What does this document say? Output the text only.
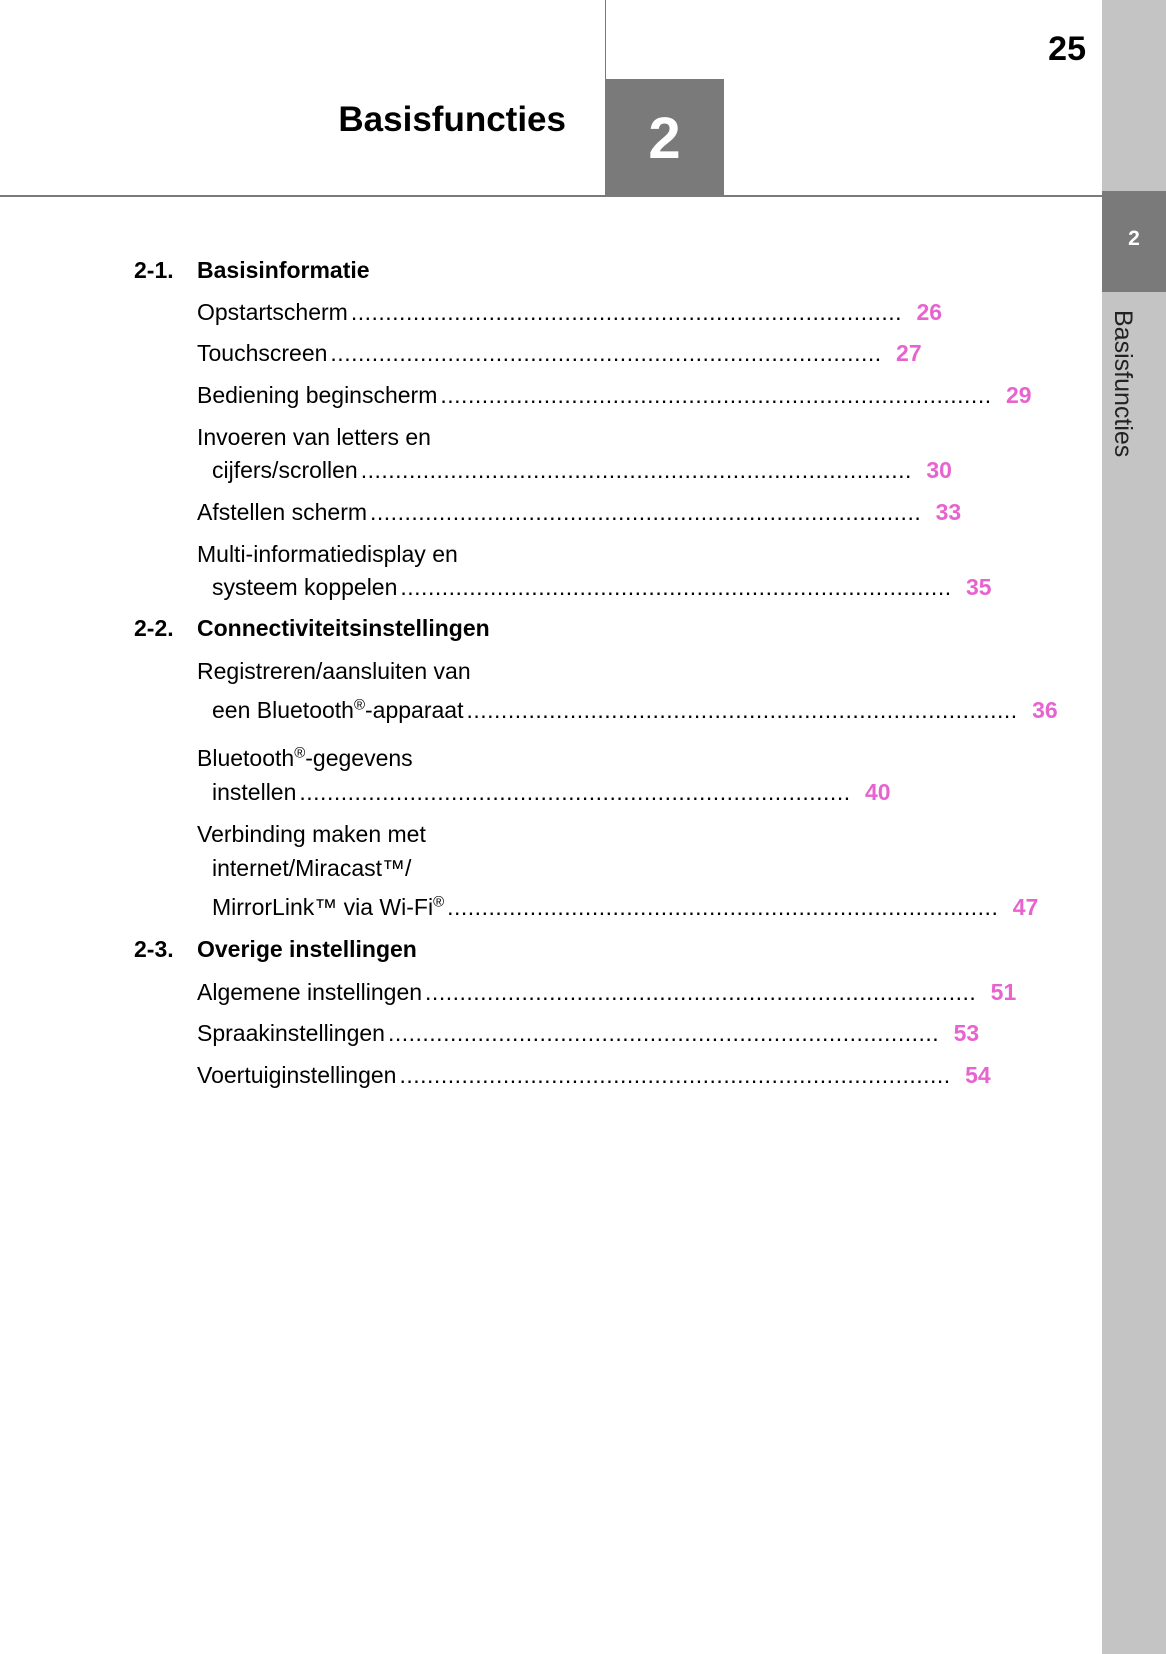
2
Basisfuncties
25
2
Basisfuncties
2-1. Basisinformatie
Opstartscherm ................................................................................ 26
Touchscreen ................................................................................ 27
Bediening beginscherm ................................................................................ 29
Invoeren van letters en
cijfers/scrollen ................................................................................ 30
Afstellen scherm ................................................................................ 33
Multi-informatiedisplay en
systeem koppelen ................................................................................ 35
2-2. Connectiviteitsinstellingen
Registreren/aansluiten van
een Bluetooth®-apparaat ................................................................................ 36
Bluetooth®-gegevens
instellen ................................................................................ 40
Verbinding maken met
internet/Miracast™/
MirrorLink™ via Wi-Fi® ................................................................................ 47
2-3. Overige instellingen
Algemene instellingen ................................................................................ 51
Spraakinstellingen ................................................................................ 53
Voertuiginstellingen ................................................................................ 54
